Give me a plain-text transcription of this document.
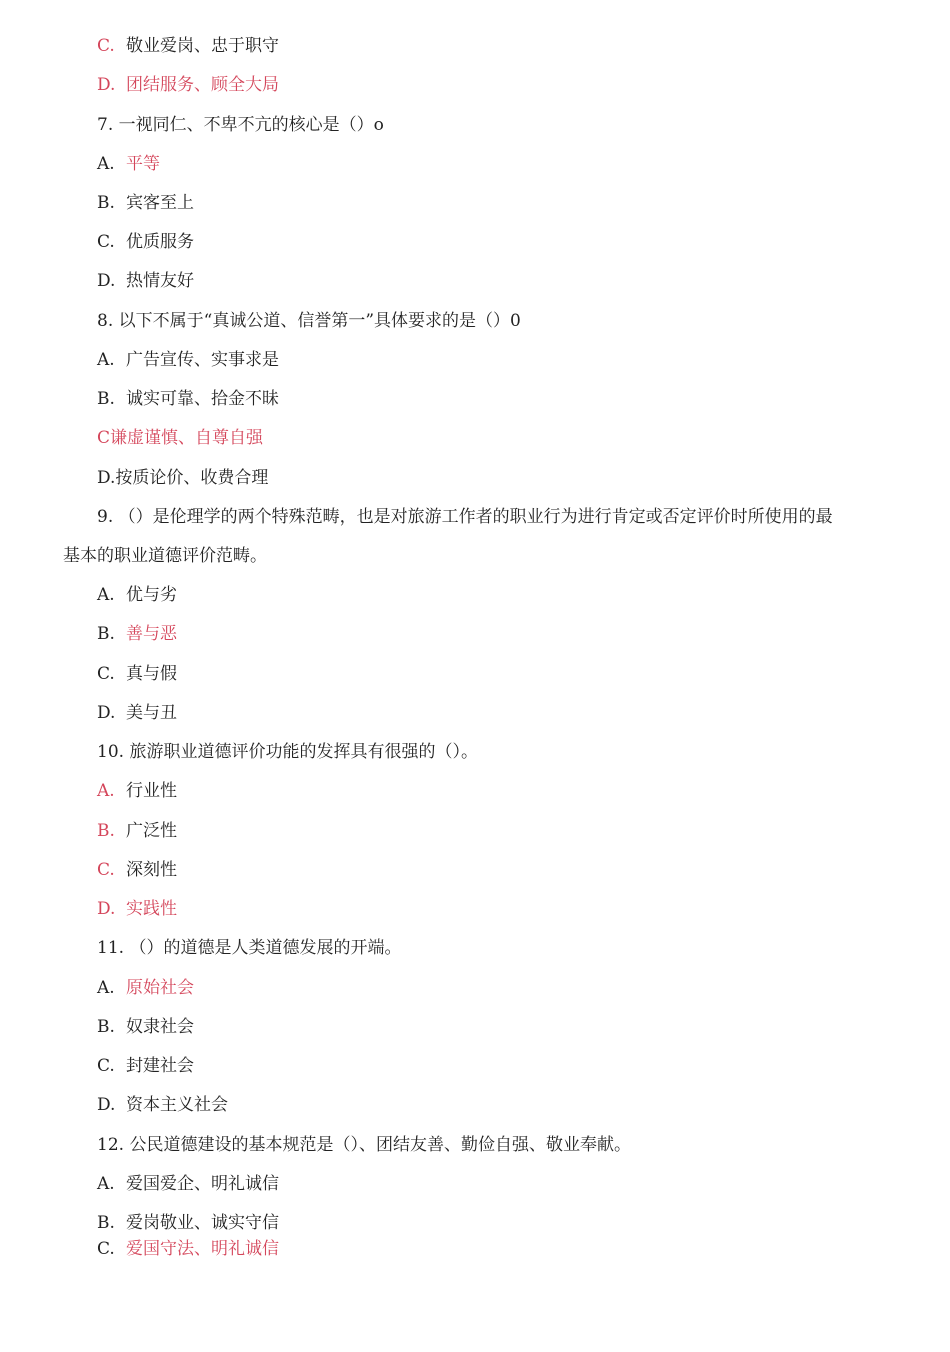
C. 敬业爱岗、忠于职守
D. 团结服务、顾全大局
7. 一视同仁、不卑不亢的核心是（）o
A. 平等
B. 宾客至上
C. 优质服务
D. 热情友好
8. 以下不属于“真诚公道、信誉第一”具体要求的是（）0
A. 广告宣传、实事求是
B. 诚实可靠、拾金不昧
C谦虚谨慎、自尊自强
D.按质论价、收费合理
9. （）是伦理学的两个特殊范畴，也是对旅游工作者的职业行为进行肯定或否定评价时所使用的最
基本的职业道德评价范畴。
A. 优与劣
B. 善与恶
C. 真与假
D. 美与丑
10. 旅游职业道德评价功能的发挥具有很强的（）。
A. 行业性
B. 广泛性
C. 深刻性
D. 实践性
11. （）的道德是人类道德发展的开端。
A. 原始社会
B. 奴隶社会
C. 封建社会
D. 资本主义社会
12. 公民道德建设的基本规范是（）、团结友善、勤俭自强、敬业奉献。
A. 爱国爱企、明礼诚信
B. 爱岗敬业、诚实守信
C. 爱国守法、明礼诚信
